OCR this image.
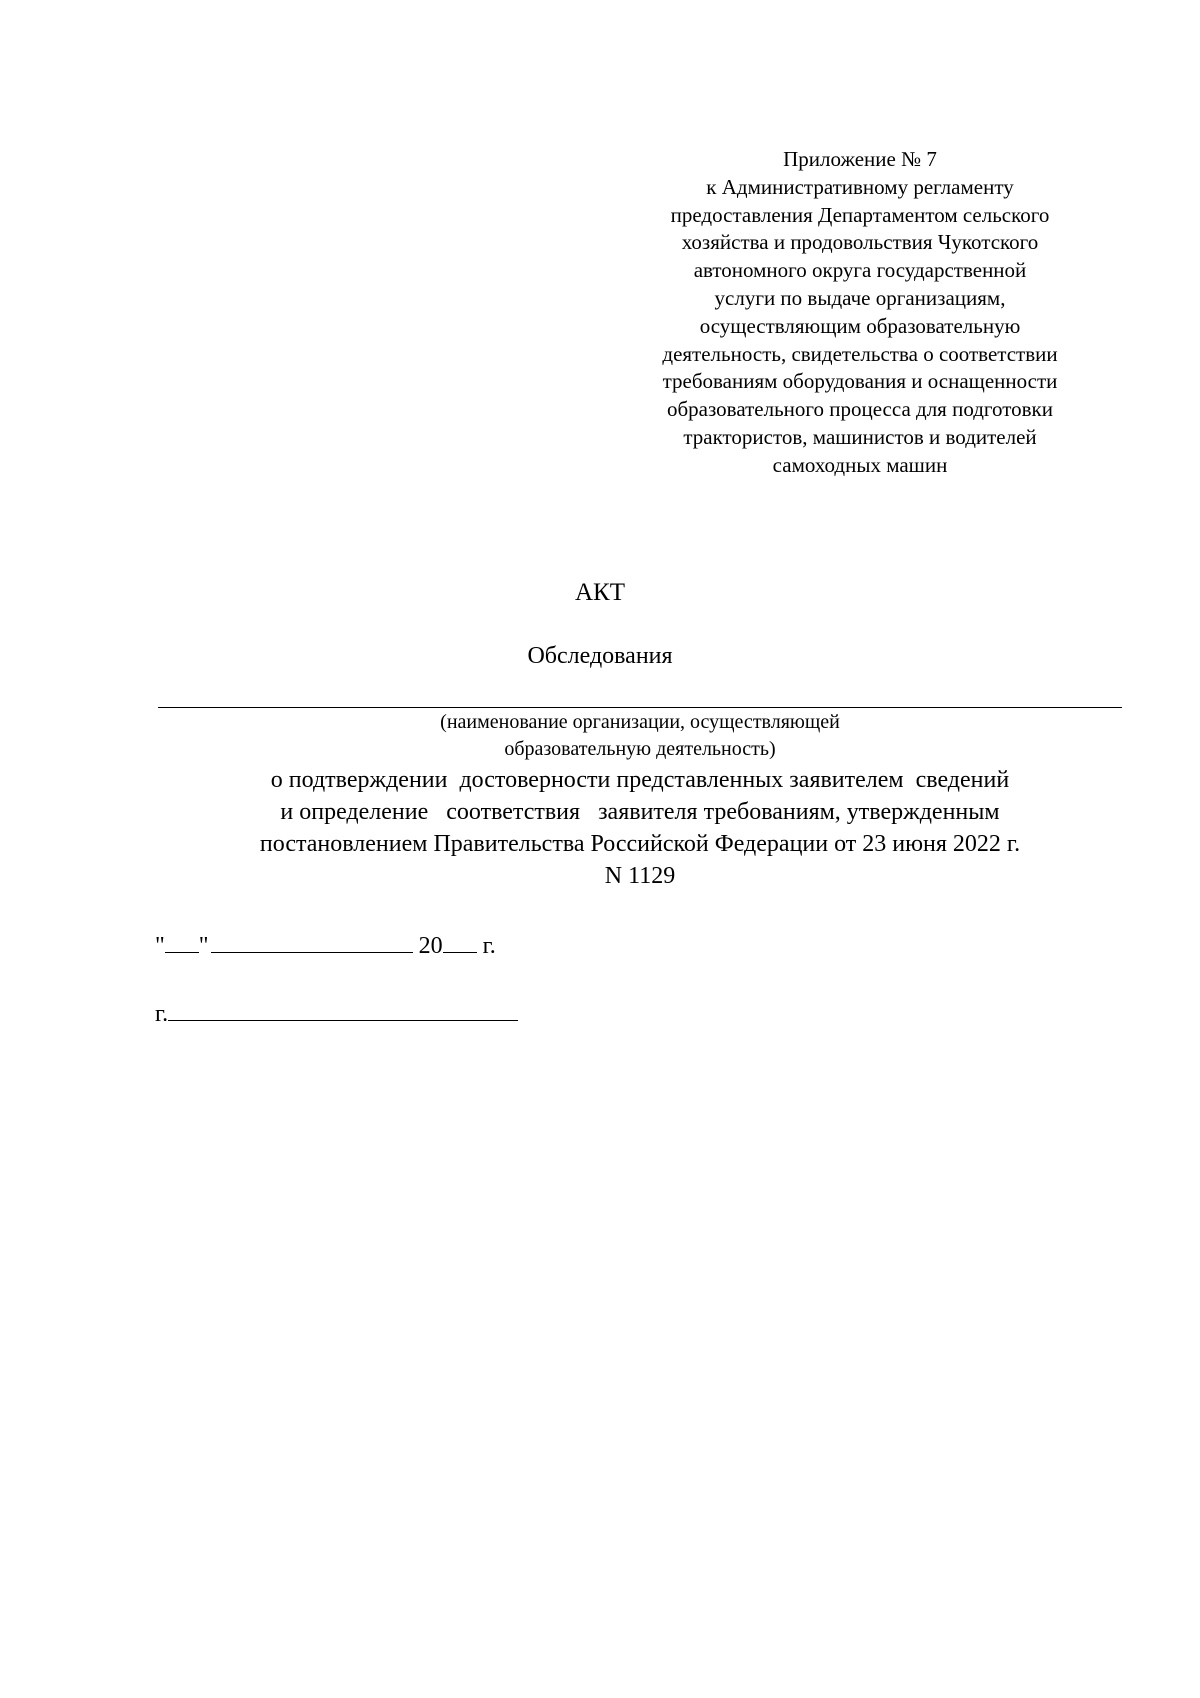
Приложение № 7
к Административному регламенту
предоставления Департаментом сельского
хозяйства и продовольствия Чукотского
автономного округа государственной
услуги по выдаче организациям,
осуществляющим образовательную
деятельность, свидетельства о соответствии
требованиям оборудования и оснащенности
образовательного процесса для подготовки
трактористов, машинистов и водителей
самоходных машин
АКТ
Обследования
(наименование организации, осуществляющей
образовательную деятельность)
о подтверждении  достоверности представленных заявителем  сведений
и определение   соответствия   заявителя требованиям, утвержденным
постановлением Правительства Российской Федерации от 23 июня 2022 г.
N 1129
" "	20 г.
г.
